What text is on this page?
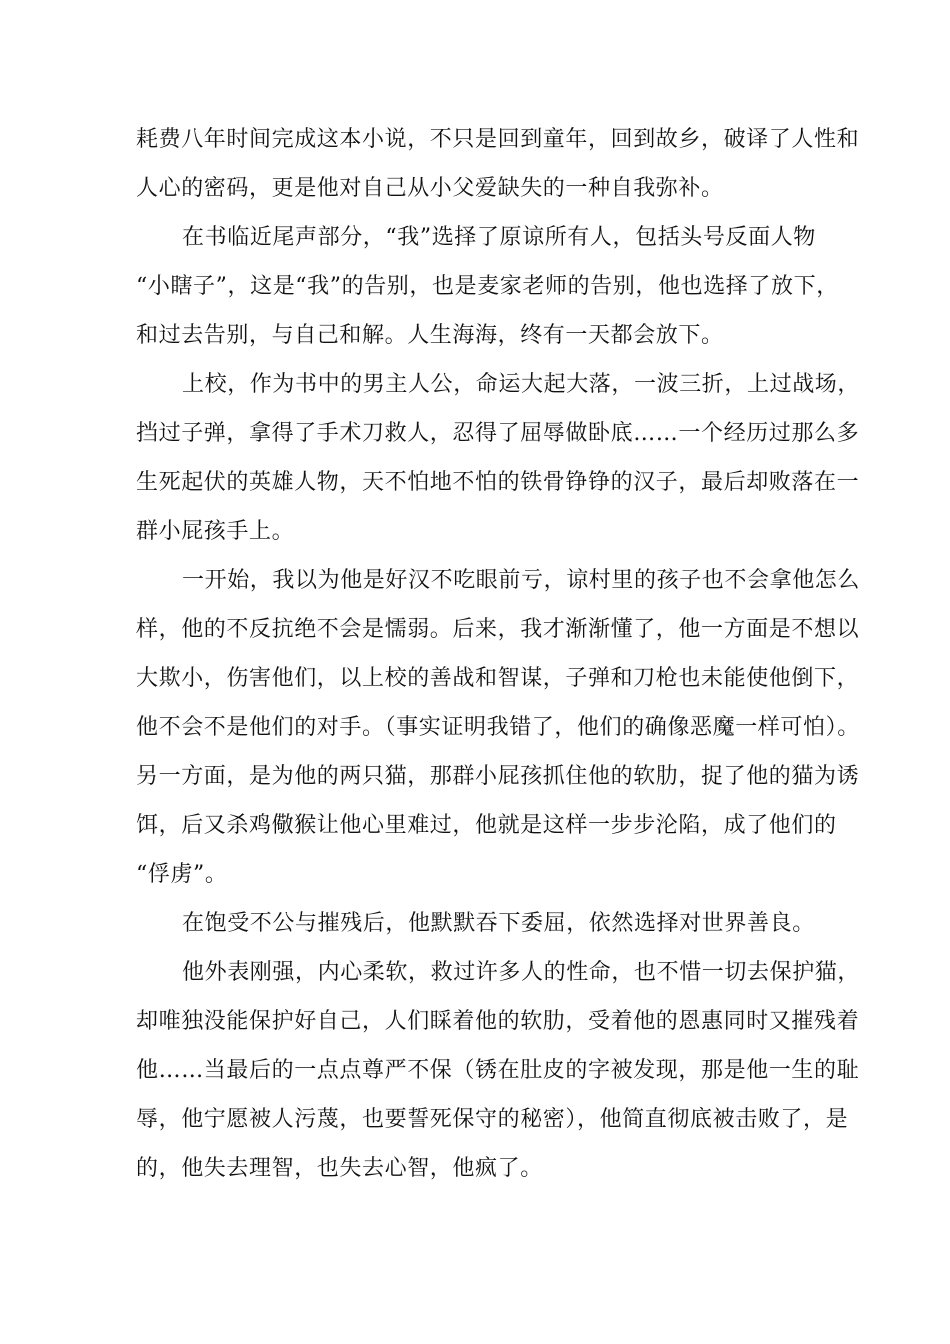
耗费八年时间完成这本小说，不只是回到童年，回到故乡，破译了人性和
人心的密码，更是他对自己从小父爱缺失的一种自我弥补。
在书临近尾声部分，“我”选择了原谅所有人，包括头号反面人物
“小瞎子”，这是“我”的告别，也是麦家老师的告别，他也选择了放下，
和过去告别，与自己和解。人生海海，终有一天都会放下。
上校，作为书中的男主人公，命运大起大落，一波三折，上过战场，
挡过子弹，拿得了手术刀救人，忍得了屈辱做卧底……一个经历过那么多
生死起伏的英雄人物，天不怕地不怕的铁骨铮铮的汉子，最后却败落在一
群小屁孩手上。
一开始，我以为他是好汉不吃眼前亏，谅村里的孩子也不会拿他怎么
样，他的不反抗绝不会是懦弱。后来，我才渐渐懂了，他一方面是不想以
大欺小，伤害他们，以上校的善战和智谋，子弹和刀枪也未能使他倒下，
他不会不是他们的对手。（事实证明我错了，他们的确像恶魔一样可怕）。
另一方面，是为他的两只猫，那群小屁孩抓住他的软肋，捉了他的猫为诱
饵，后又杀鸡儆猴让他心里难过，他就是这样一步步沦陷，成了他们的
“俘虏”。
在饱受不公与摧残后，他默默吞下委屈，依然选择对世界善良。
他外表刚强，内心柔软，救过许多人的性命，也不惜一切去保护猫，
却唯独没能保护好自己，人们睬着他的软肋，受着他的恩惠同时又摧残着
他……当最后的一点点尊严不保（锈在肚皮的字被发现，那是他一生的耻
辱，他宁愿被人污蔑，也要誓死保守的秘密），他简直彻底被击败了，是
的，他失去理智，也失去心智，他疯了。
